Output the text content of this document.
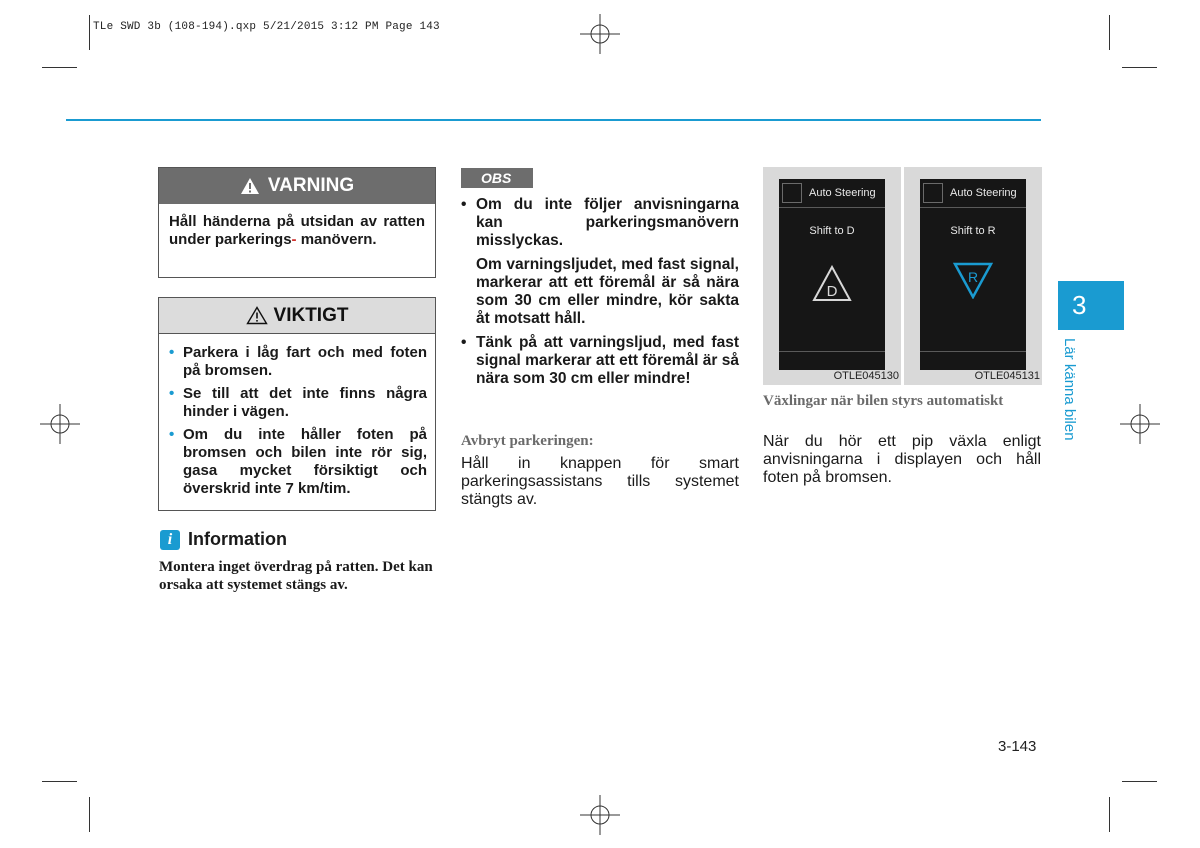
TLe SWD 3b (108-194).qxp 5/21/2015 3:12 PM Page 143
VARNING
Håll händerna på utsidan av ratten under parkerings- manövern.
VIKTIGT
• Parkera i låg fart och med foten på bromsen.
• Se till att det inte finns några hinder i vägen.
• Om du inte håller foten på bromsen och bilen inte rör sig, gasa mycket försiktigt och överskrid inte 7 km/tim.
i Information
Montera inget överdrag på ratten. Det kan orsaka att systemet stängs av.
OBS

• Om du inte följer anvisningarna kan parkeringsmanövern misslyckas.

Om varningsljudet, med fast signal, markerar att ett föremål är så nära som 30 cm eller mindre, kör sakta åt motsatt håll.

• Tänk på att varningsljud, med fast signal markerar att ett föremål är så nära som 30 cm eller mindre!

Avbryt parkeringen:
Håll in knappen för smart parkeringsassistans tills systemet stängts av.
Auto Steering
Shift to D
D
OTLE045130
Auto Steering
Shift to R
R
OTLE045131
Växlingar när bilen styrs automatiskt
När du hör ett pip växla enligt anvisningarna i displayen och håll foten på bromsen.
3
Lär känna bilen
3-143
